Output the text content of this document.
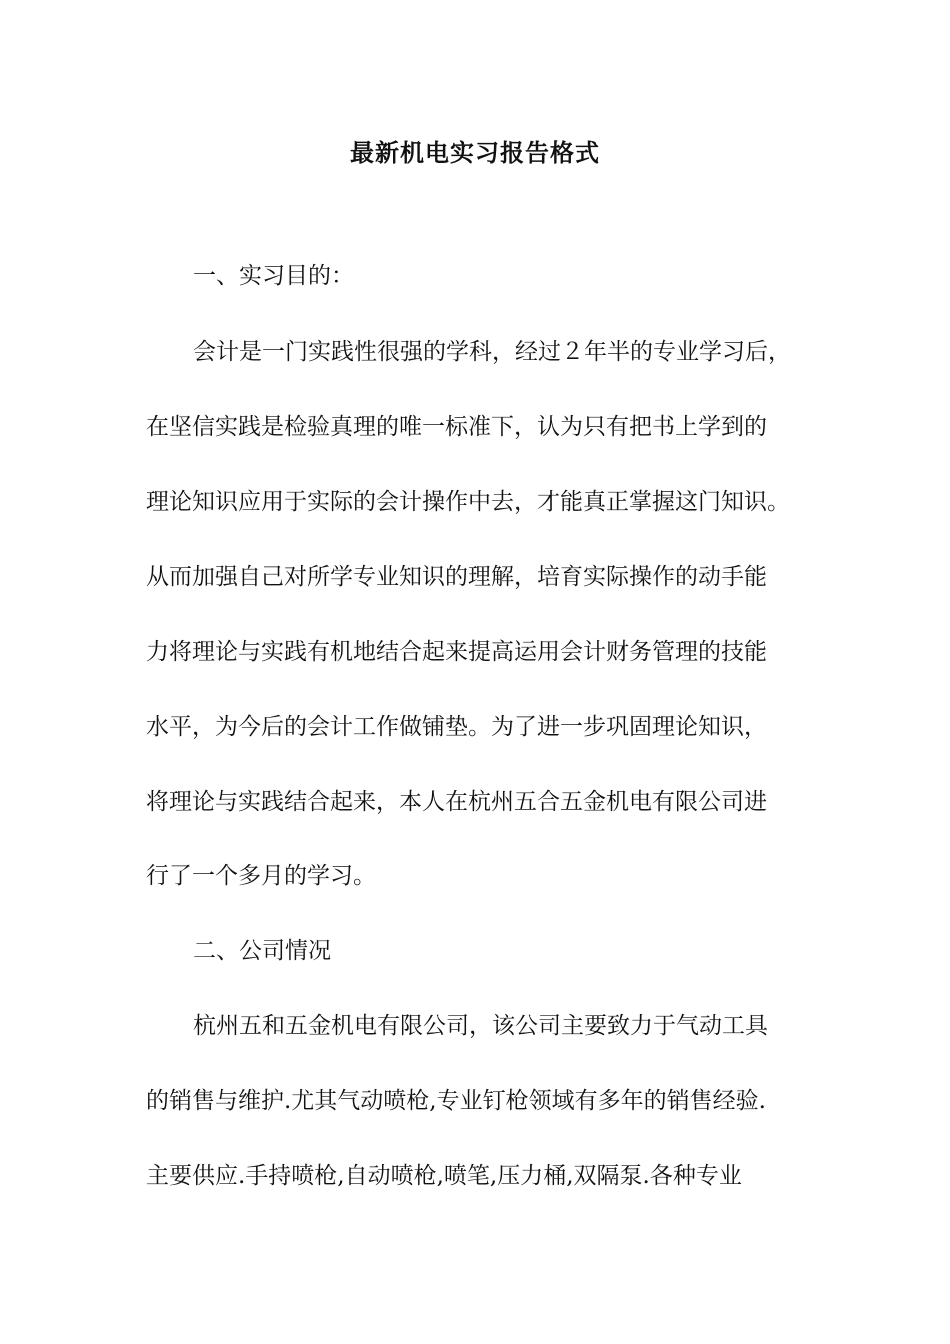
最新机电实习报告格式

一、实习目的：

会计是一门实践性很强的学科，经过２年半的专业学习后，

在坚信实践是检验真理的唯一标准下，认为只有把书上学到的

理论知识应用于实际的会计操作中去，才能真正掌握这门知识。

从而加强自己对所学专业知识的理解，培育实际操作的动手能

力将理论与实践有机地结合起来提高运用会计财务管理的技能

水平，为今后的会计工作做铺垫。为了进一步巩固理论知识，

将理论与实践结合起来，本人在杭州五合五金机电有限公司进

行了一个多月的学习。

二、公司情况

杭州五和五金机电有限公司，该公司主要致力于气动工具

的销售与维护.尤其气动喷枪,专业钉枪领域有多年的销售经验.

主要供应.手持喷枪,自动喷枪,喷笔,压力桶,双隔泵.各种专业
